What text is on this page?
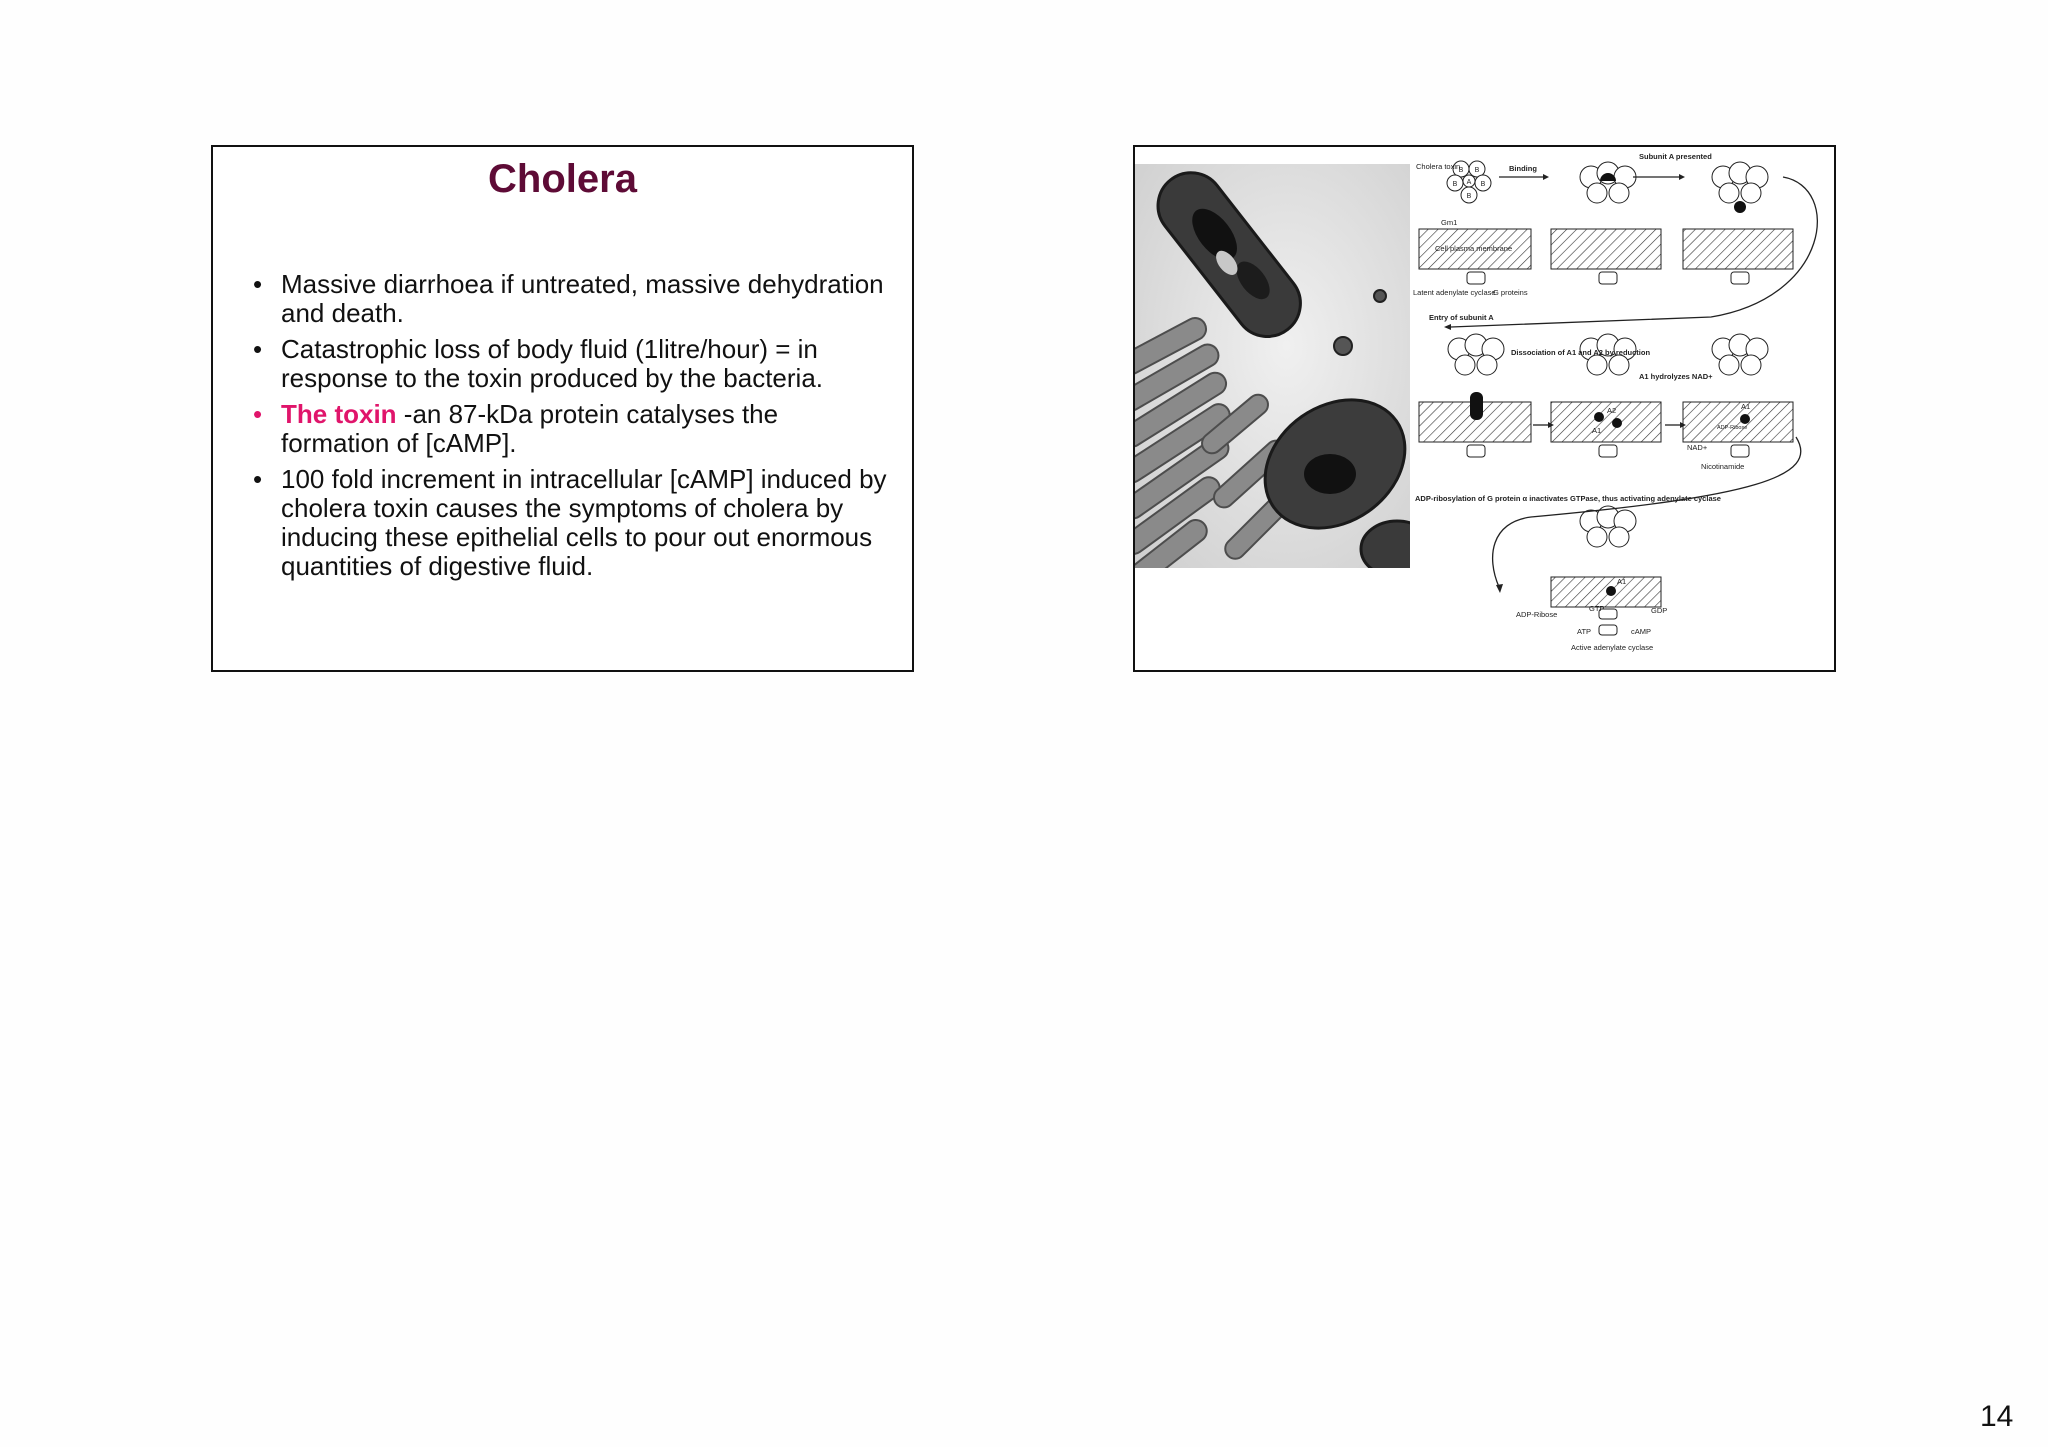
Cholera
• Massive diarrhoea if untreated, massive dehydration and death.
• Catastrophic loss of body fluid (1litre/hour) = in response to the toxin produced by the bacteria.
• The toxin -an 87-kDa protein catalyses the formation of [cAMP].
• 100 fold increment in intracellular [cAMP] induced by cholera toxin causes the symptoms of cholera by inducing these epithelial cells to pour out enormous quantities of digestive fluid.
B B
B A B
B
Cholera toxin	Binding
Subunit A presented
Gm1
Cell plasma membrane
Latent adenylate cyclase
G proteins
Entry of subunit A
Dissociation of A1 and A2 by reduction
A1 hydrolyzes NAD+
A2
A1
A1
NAD+
ADP-Ribose
Nicotinamide
ADP-ribosylation of G protein α inactivates GTPase, thus activating adenylate cyclase
A1
ADP-Ribose
GTP	GDP
ATP	cAMP
Active adenylate cyclase
14
